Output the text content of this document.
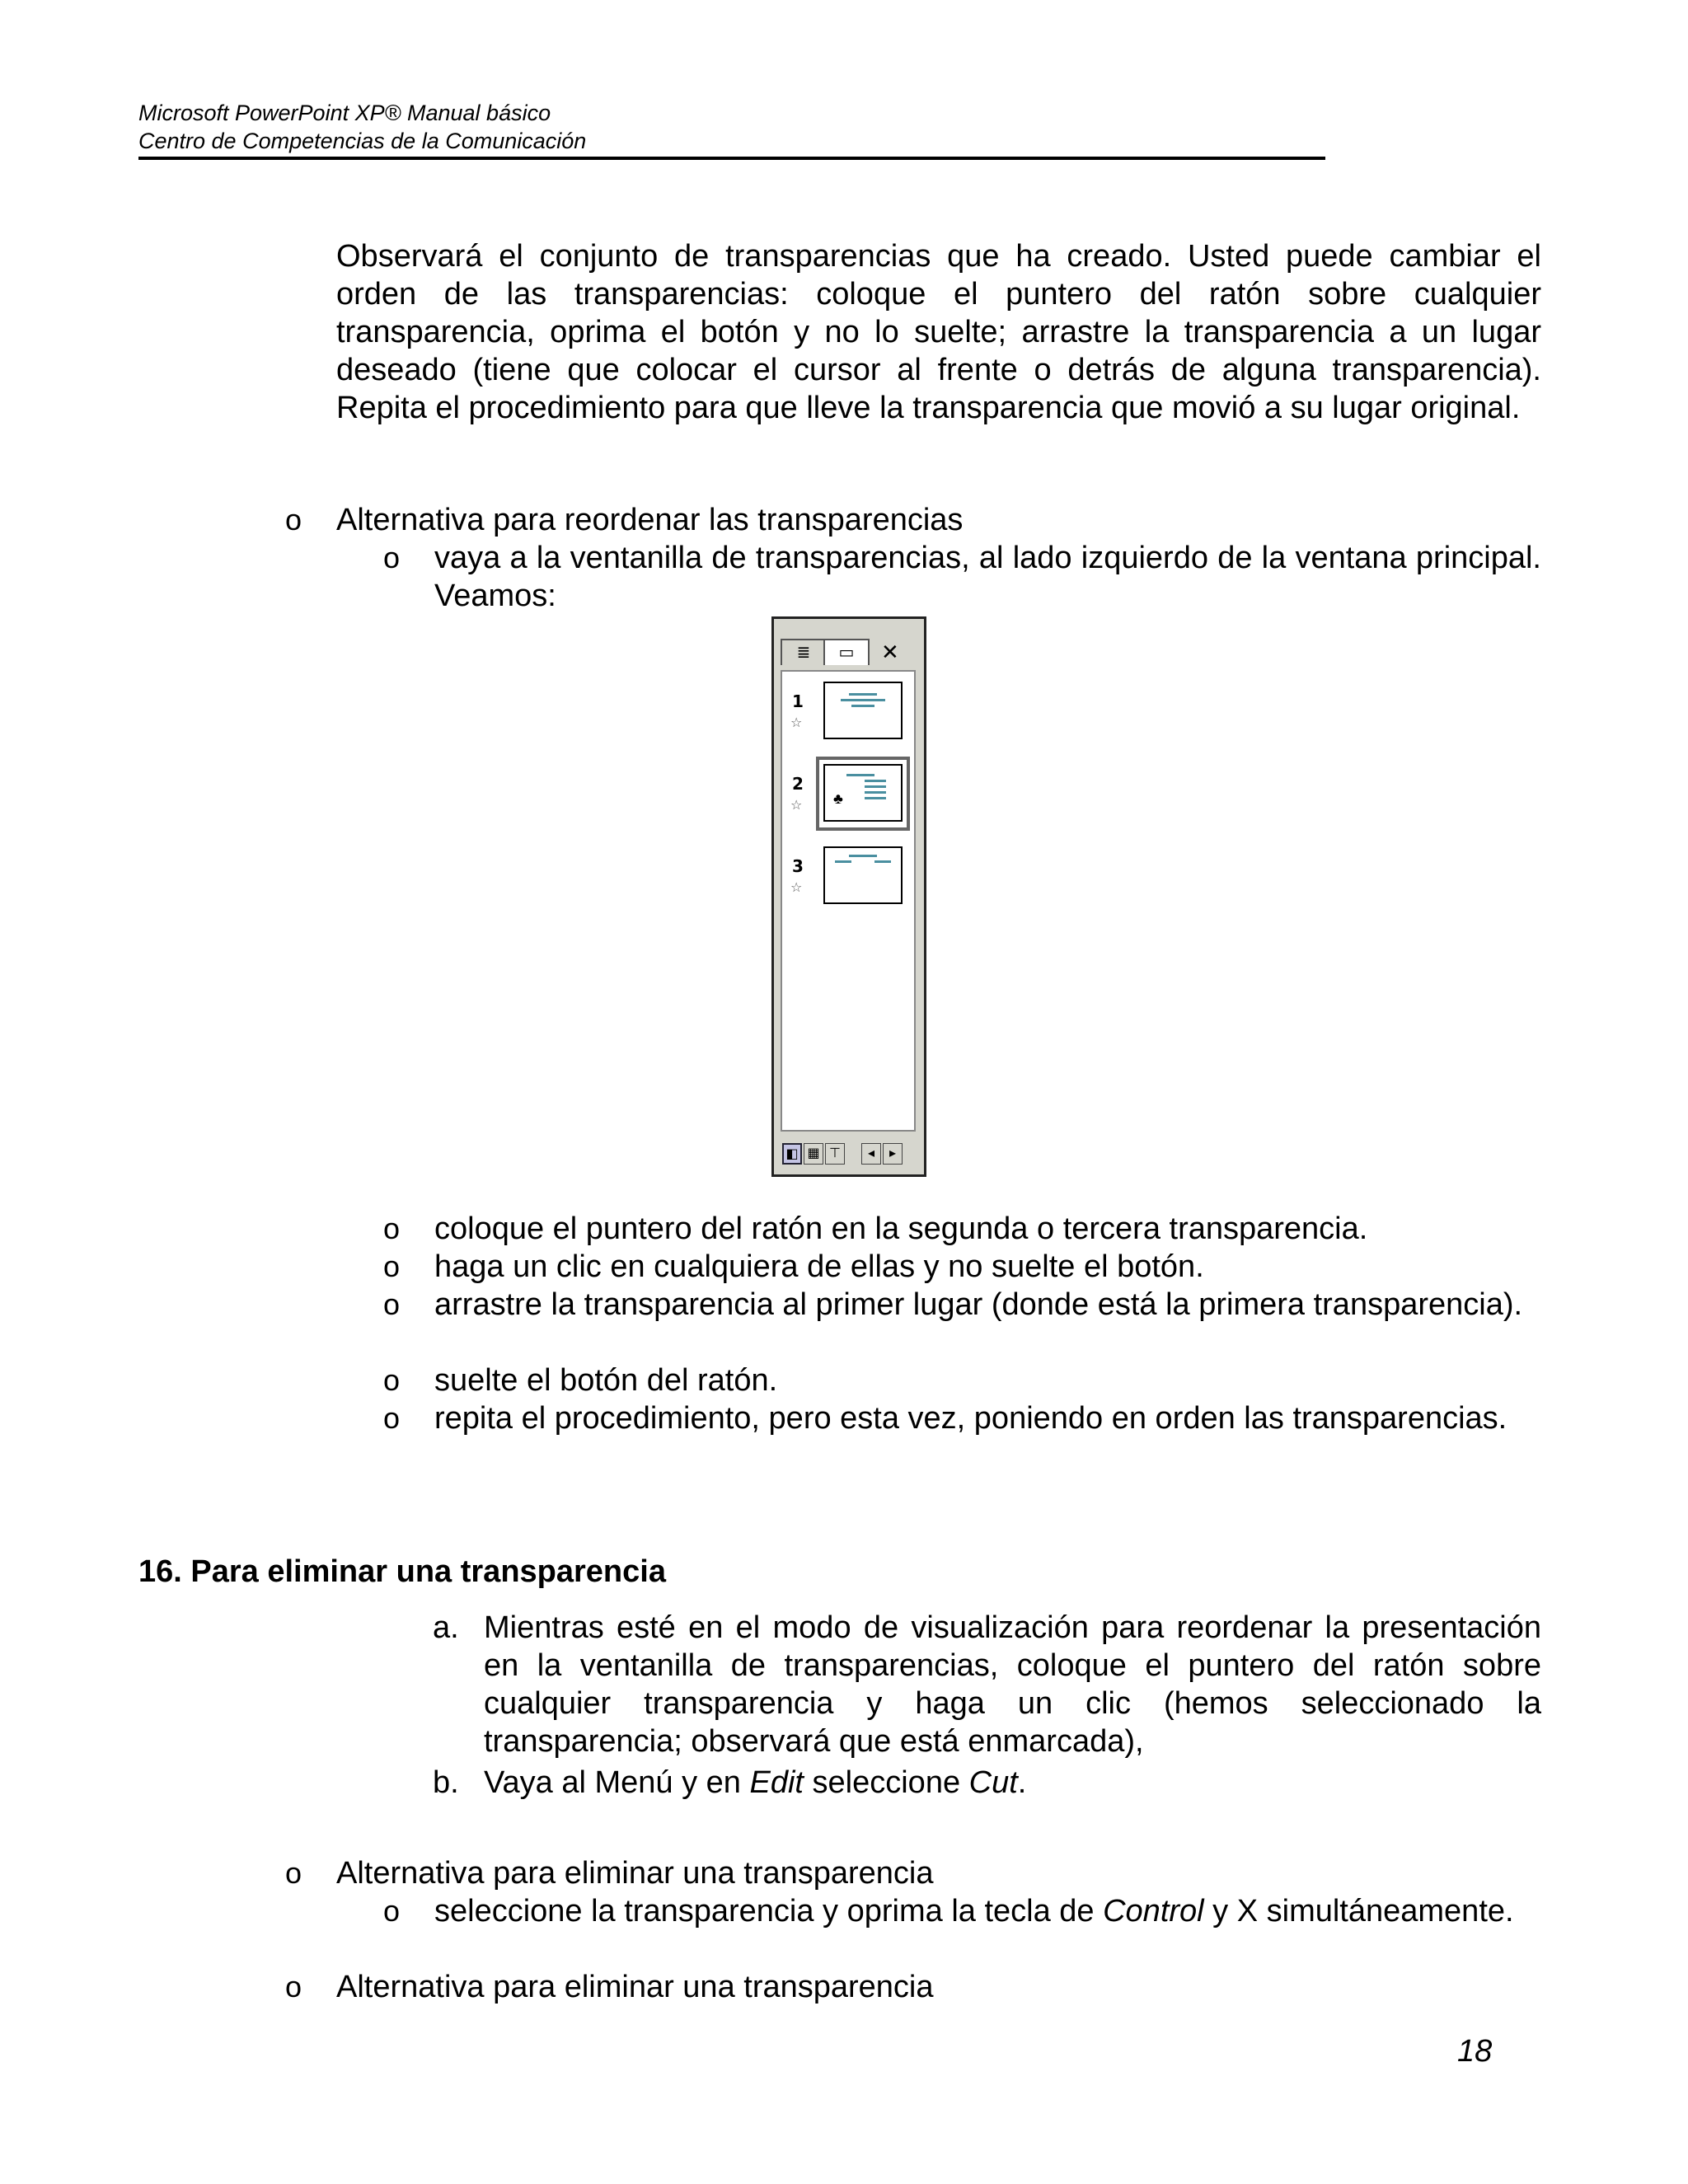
Microsoft PowerPoint XP® Manual básico
Centro de Competencias de la Comunicación
Observará el conjunto de transparencias que ha creado. Usted puede cambiar el orden de las transparencias: coloque el puntero del ratón sobre cualquier transparencia, oprima el botón y no lo suelte; arrastre la transparencia a un lugar deseado (tiene que colocar el cursor al frente o detrás de alguna transparencia). Repita el procedimiento para que lleve la transparencia que movió a su lugar original.
o Alternativa para reordenar las transparencias
o vaya a la ventanilla de transparencias, al lado izquierdo de la ventana principal. Veamos:
≣	▭	✕
1
☆
2
☆ ♣
3
☆
◧ ▦ ⊤	◂	▸
o coloque el puntero del ratón en la segunda o tercera transparencia.
o haga un clic en cualquiera de ellas y no suelte el botón.
o arrastre la transparencia al primer lugar (donde está la primera transparencia).
o suelte el botón del ratón.
o repita el procedimiento, pero esta vez, poniendo en orden las transparencias.
16. Para eliminar una transparencia
a. Mientras esté en el modo de visualización para reordenar la presentación en la ventanilla de transparencias, coloque el puntero del ratón sobre cualquier transparencia y haga un clic (hemos seleccionado la transparencia; observará que está enmarcada),
b. Vaya al Menú y en Edit seleccione Cut.
o Alternativa para eliminar una transparencia
o seleccione la transparencia y oprima la tecla de Control y X simultáneamente.
o Alternativa para eliminar una transparencia
18
